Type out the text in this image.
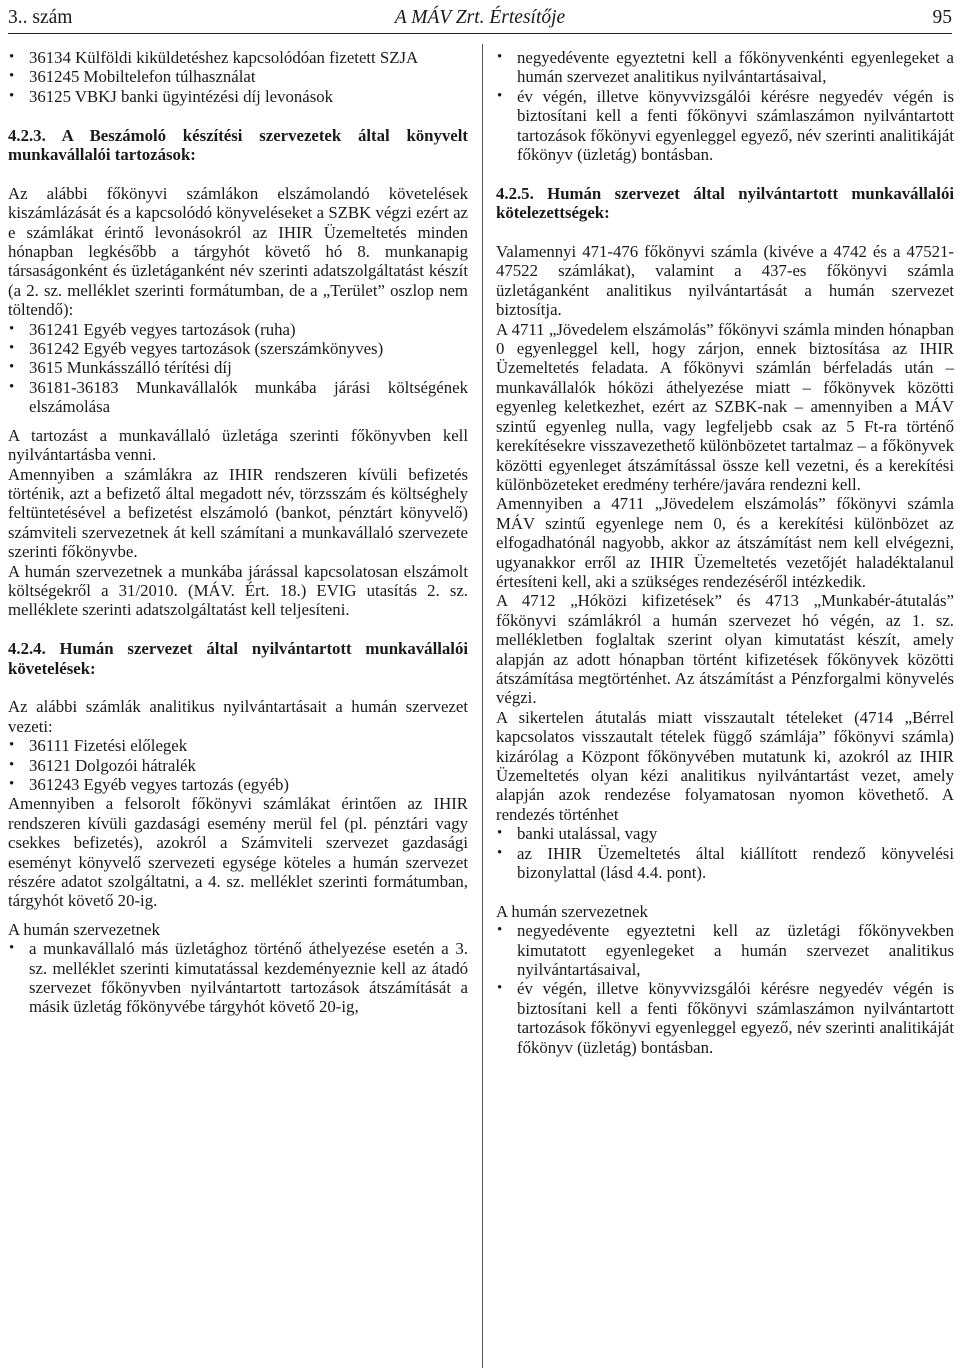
3.. szám	A MÁV Zrt. Értesítője	95
• 36134 Külföldi kiküldetéshez kapcsolódóan fizetett SZJA
• 361245 Mobiltelefon túlhasználat
• 36125 VBKJ banki ügyintézési díj levonások

4.2.3. A Beszámoló készítési szervezetek által könyvelt munkavállalói tartozások:

Az alábbi főkönyvi számlákon elszámolandó követelések kiszámlázását és a kapcsolódó könyveléseket a SZBK végzi ezért az e számlákat érintő levonásokról az IHIR Üzemeltetés minden hónapban legkésőbb a tárgyhót követő hó 8. munkanapig társaságonként és üzletáganként név szerinti adatszolgáltatást készít (a 2. sz. melléklet szerinti formátumban, de a „Terület” oszlop nem töltendő):

• 361241 Egyéb vegyes tartozások (ruha)
• 361242 Egyéb vegyes tartozások (szerszámkönyves)
• 3615 Munkásszálló térítési díj
• 36181-36183 Munkavállalók munkába járási költségének elszámolása

A tartozást a munkavállaló üzletága szerinti főkönyvben kell nyilvántartásba venni.

Amennyiben a számlákra az IHIR rendszeren kívüli befizetés történik, azt a befizető által megadott név, törzsszám és költséghely feltüntetésével a befizetést elszámoló (bankot, pénztárt könyvelő) számviteli szervezetnek át kell számítani a munkavállaló szervezete szerinti főkönyvbe.

A humán szervezetnek a munkába járással kapcsolatosan elszámolt költségekről a 31/2010. (MÁV. Ért. 18.) EVIG utasítás 2. sz. melléklete szerinti adatszolgáltatást kell teljesíteni.

4.2.4. Humán szervezet által nyilvántartott munkavállalói követelések:

Az alábbi számlák analitikus nyilvántartásait a humán szervezet vezeti:

• 36111 Fizetési előlegek
• 36121 Dolgozói hátralék
• 361243 Egyéb vegyes tartozás (egyéb)

Amennyiben a felsorolt főkönyvi számlákat érintően az IHIR rendszeren kívüli gazdasági esemény merül fel (pl. pénztári vagy csekkes befizetés), azokról a Számviteli szervezet gazdasági eseményt könyvelő szervezeti egysége köteles a humán szervezet részére adatot szolgáltatni, a 4. sz. melléklet szerinti formátumban, tárgyhót követő 20-ig.

A humán szervezetnek

• a munkavállaló más üzletághoz történő áthelyezése esetén a 3. sz. melléklet szerinti kimutatással kezdeményeznie kell az átadó szervezet főkönyvben nyilvántartott tartozások átszámítását a másik üzletág főkönyvébe tárgyhót követő 20-ig,
• negyedévente egyeztetni kell a főkönyvenkénti egyenlegeket a humán szervezet analitikus nyilvántartásaival,
• év végén, illetve könyvvizsgálói kérésre negyedév végén is biztosítani kell a fenti főkönyvi számlaszámon nyilvántartott tartozások főkönyvi egyenleggel egyező, név szerinti analitikáját főkönyv (üzletág) bontásban.

4.2.5. Humán szervezet által nyilvántartott munkavállalói kötelezettségek:

Valamennyi 471-476 főkönyvi számla (kivéve a 4742 és a 47521-47522 számlákat), valamint a 437-es főkönyvi számla üzletáganként analitikus nyilvántartását a humán szervezet biztosítja.

A 4711 „Jövedelem elszámolás” főkönyvi számla minden hónapban 0 egyenleggel kell, hogy zárjon, ennek biztosítása az IHIR Üzemeltetés feladata. A főkönyvi számlán bérfeladás után – munkavállalók hóközi áthelyezése miatt – főkönyvek közötti egyenleg keletkezhet, ezért az SZBK-nak – amennyiben a MÁV szintű egyenleg nulla, vagy legfeljebb csak az 5 Ft-ra történő kerekítésekre visszavezethető különbözetet tartalmaz – a főkönyvek közötti egyenleget átszámítással össze kell vezetni, és a kerekítési különbözeteket eredmény terhére/javára rendezni kell.

Amennyiben a 4711 „Jövedelem elszámolás” főkönyvi számla MÁV szintű egyenlege nem 0, és a kerekítési különbözet az elfogadhatónál nagyobb, akkor az átszámítást nem kell elvégezni, ugyanakkor erről az IHIR Üzemeltetés vezetőjét haladéktalanul értesíteni kell, aki a szükséges rendezéséről intézkedik.

A 4712 „Hóközi kifizetések” és 4713 „Munkabér-átutalás” főkönyvi számlákról a humán szervezet hó végén, az 1. sz. mellékletben foglaltak szerint olyan kimutatást készít, amely alapján az adott hónapban történt kifizetések főkönyvek közötti átszámítása megtörténhet. Az átszámítást a Pénzforgalmi könyvelés végzi.

A sikertelen átutalás miatt visszautalt tételeket (4714 „Bérrel kapcsolatos visszautalt tételek függő számlája” főkönyvi számla) kizárólag a Központ főkönyvében mutatunk ki, azokról az IHIR Üzemeltetés olyan kézi analitikus nyilvántartást vezet, amely alapján azok rendezése folyamatosan nyomon követhető. A rendezés történhet

• banki utalással, vagy
• az IHIR Üzemeltetés által kiállított rendező könyvelési bizonylattal (lásd 4.4. pont).

A humán szervezetnek

• negyedévente egyeztetni kell az üzletági főkönyvekben kimutatott egyenlegeket a humán szervezet analitikus nyilvántartásaival,
• év végén, illetve könyvvizsgálói kérésre negyedév végén is biztosítani kell a fenti főkönyvi számlaszámon nyilvántartott tartozások főkönyvi egyenleggel egyező, név szerinti analitikáját főkönyv (üzletág) bontásban.
